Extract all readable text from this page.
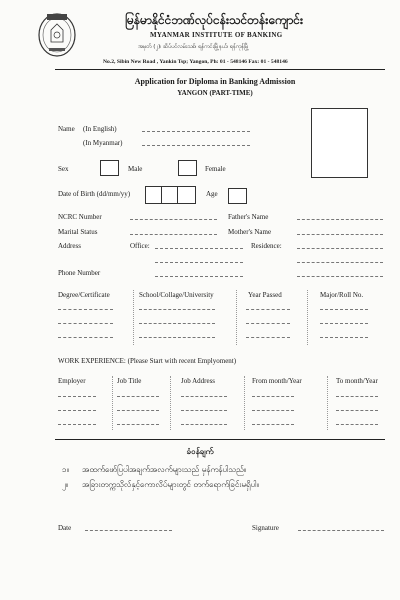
မြန်မာနိုင်ငံဘဏ်လုပ်ငန်းသင်တန်းကျောင်း
MYANMAR INSTITUTE OF BANKING
အမှတ် (၂)၊ ဆိပ်ပင်လမ်းသစ်၊ ရန်ကင်းမြို့နယ်၊ ရန်ကုန်မြို့
No.2, Sibin New Road , Yankin Tsp; Yangon, Ph: 01 - 548146 Fax: 01 - 548146
Application for Diploma in Banking Admission
YANGON (PART-TIME)
Name (In English)
(In Myanmar)
Sex	Male	Female
Date of Birth (dd/mm/yy)	Age
NCRC Number	Father's Name
Marital Status	Mother's Name
Address	Office:	Residence:
Phone Number
Degree/Certificate	School/Collage/University	Year Passed	Major/Roll No.
WORK EXPERIENCE: (Please Start with recent Emplyoment)
Employer	Job Title	Job Address	From month/Year	To month/Year
ခံဝန်ချက်
၁။ အထက်ဖော်ပြပါအချက်အလက်များသည် မှန်ကန်ပါသည်။
၂။ အခြားတက္ကသိုလ်နှင့်ကောလိပ်များတွင် တက်ရောက်ခြင်းမရှိပါ။
Date	Signature
